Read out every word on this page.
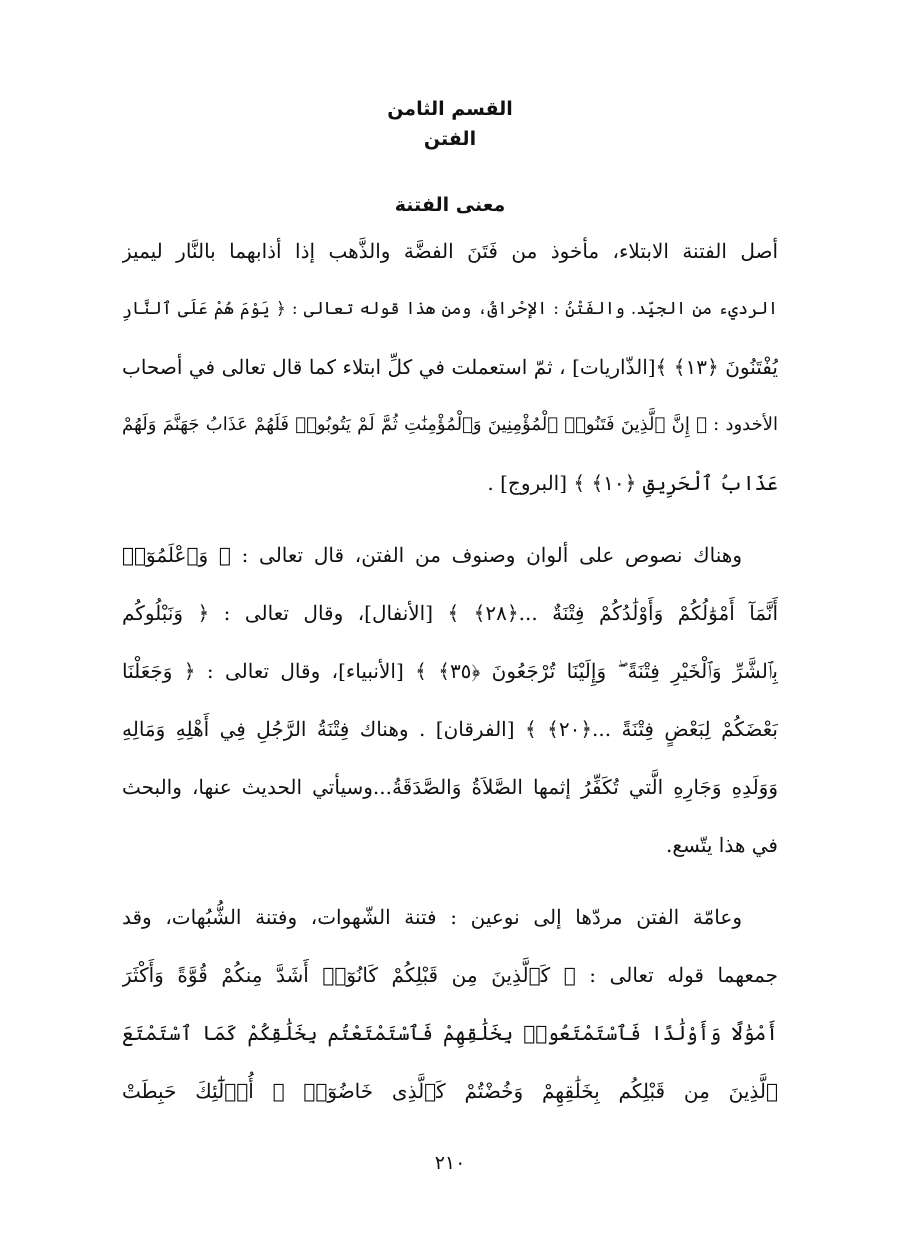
القسم الثامن
الفتن
معنى الفتنة
أصل الفتنة الابتلاء، مأخوذ من فَتَنَ الفضَّة والذَّهب إذا أذابهما بالنَّار ليميز
الرديء من الجيِّد. والفَتْنُ : الإحْراقُ، ومن هذا قوله تعالى : ﴿ يَوْمَ هُمْ عَلَى ٱلنَّارِ
يُفْتَنُونَ ﴿١٣﴾ ﴾[الذّاريات] ، ثمّ استعملت في كلِّ ابتلاء كما قال تعالى في أصحاب
الأخدود : ﴿ إِنَّ ٱلَّذِينَ فَتَنُوا۟ ٱلْمُؤْمِنِينَ وَٱلْمُؤْمِنَٰتِ ثُمَّ لَمْ يَتُوبُوا۟ فَلَهُمْ عَذَابُ جَهَنَّمَ وَلَهُمْ
عَذَابُ ٱلْحَرِيقِ ﴿١٠﴾ ﴾ [البروج] .
وهناك نصوص على ألوان وصنوف من الفتن، قال تعالى : ﴿ وَٱعْلَمُوٓا۟
أَنَّمَآ أَمْوَٰلُكُمْ وَأَوْلَٰدُكُمْ فِتْنَةٌ ...﴿٢٨﴾ ﴾ [الأنفال]، وقال تعالى : ﴿ وَنَبْلُوكُم
بِٱلشَّرِّ وَٱلْخَيْرِ فِتْنَةً ۖ وَإِلَيْنَا تُرْجَعُونَ ﴿٣٥﴾ ﴾ [الأنبياء]، وقال تعالى : ﴿ وَجَعَلْنَا
بَعْضَكُمْ لِبَعْضٍ فِتْنَةً ...﴿٢٠﴾ ﴾ [الفرقان] . وهناك فِتْنَةُ الرَّجُلِ فِي أَهْلِهِ وَمَالِهِ
وَوَلَدِهِ وَجَارِهِ الَّتي تُكَفِّرُ إثمها الصَّلاَةُ وَالصَّدَقَةُ...وسيأتي الحديث عنها، والبحث
في هذا يتّسع.
وعامّة الفتن مردّها إلى نوعين : فتنة الشّهوات، وفتنة الشُّبُهات، وقد
جمعهما قوله تعالى : ﴿ كَٱلَّذِينَ مِن قَبْلِكُمْ كَانُوٓا۟ أَشَدَّ مِنكُمْ قُوَّةً وَأَكْثَرَ
أَمْوَٰلًا وَأَوْلَٰدًا فَٱسْتَمْتَعُوا۟ بِخَلَٰقِهِمْ فَٱسْتَمْتَعْتُم بِخَلَٰقِكُمْ كَمَا ٱسْتَمْتَعَ
ٱلَّذِينَ مِن قَبْلِكُم بِخَلَٰقِهِمْ وَخُضْتُمْ كَٱلَّذِى خَاضُوٓا۟ ۚ أُو۟لَٰٓئِكَ حَبِطَتْ
٢١٠
